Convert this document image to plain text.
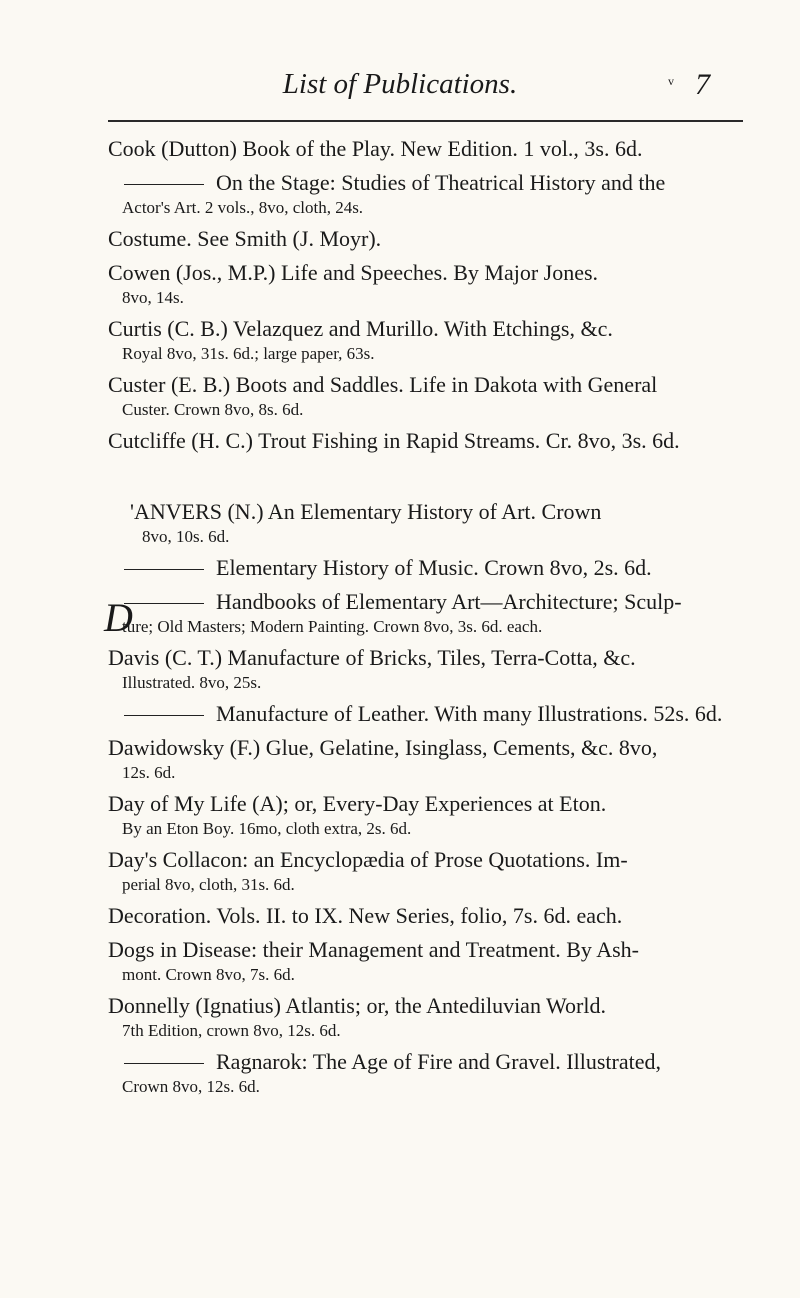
List of Publications.	v 7
Cook (Dutton) Book of the Play. New Edition. 1 vol., 3s. 6d.
On the Stage: Studies of Theatrical History and the
Actor's Art. 2 vols., 8vo, cloth, 24s.
Costume. See Smith (J. Moyr).
Cowen (Jos., M.P.) Life and Speeches. By Major Jones.
8vo, 14s.
Curtis (C. B.) Velazquez and Murillo. With Etchings, &c.
Royal 8vo, 31s. 6d.; large paper, 63s.
Custer (E. B.) Boots and Saddles. Life in Dakota with General
Custer. Crown 8vo, 8s. 6d.
Cutcliffe (H. C.) Trout Fishing in Rapid Streams. Cr. 8vo, 3s. 6d.
'ANVERS (N.) An Elementary History of Art. Crown
8vo, 10s. 6d.
Elementary History of Music. Crown 8vo, 2s. 6d.
Handbooks of Elementary Art—Architecture; Sculp-
ture; Old Masters; Modern Painting. Crown 8vo, 3s. 6d. each.
Davis (C. T.) Manufacture of Bricks, Tiles, Terra-Cotta, &c.
Illustrated. 8vo, 25s.
Manufacture of Leather. With many Illustrations. 52s. 6d.
Dawidowsky (F.) Glue, Gelatine, Isinglass, Cements, &c. 8vo,
12s. 6d.
Day of My Life (A); or, Every-Day Experiences at Eton.
By an Eton Boy. 16mo, cloth extra, 2s. 6d.
Day's Collacon: an Encyclopædia of Prose Quotations. Im-
perial 8vo, cloth, 31s. 6d.
Decoration. Vols. II. to IX. New Series, folio, 7s. 6d. each.
Dogs in Disease: their Management and Treatment. By Ash-
mont. Crown 8vo, 7s. 6d.
Donnelly (Ignatius) Atlantis; or, the Antediluvian World.
7th Edition, crown 8vo, 12s. 6d.
Ragnarok: The Age of Fire and Gravel. Illustrated,
Crown 8vo, 12s. 6d.
D
